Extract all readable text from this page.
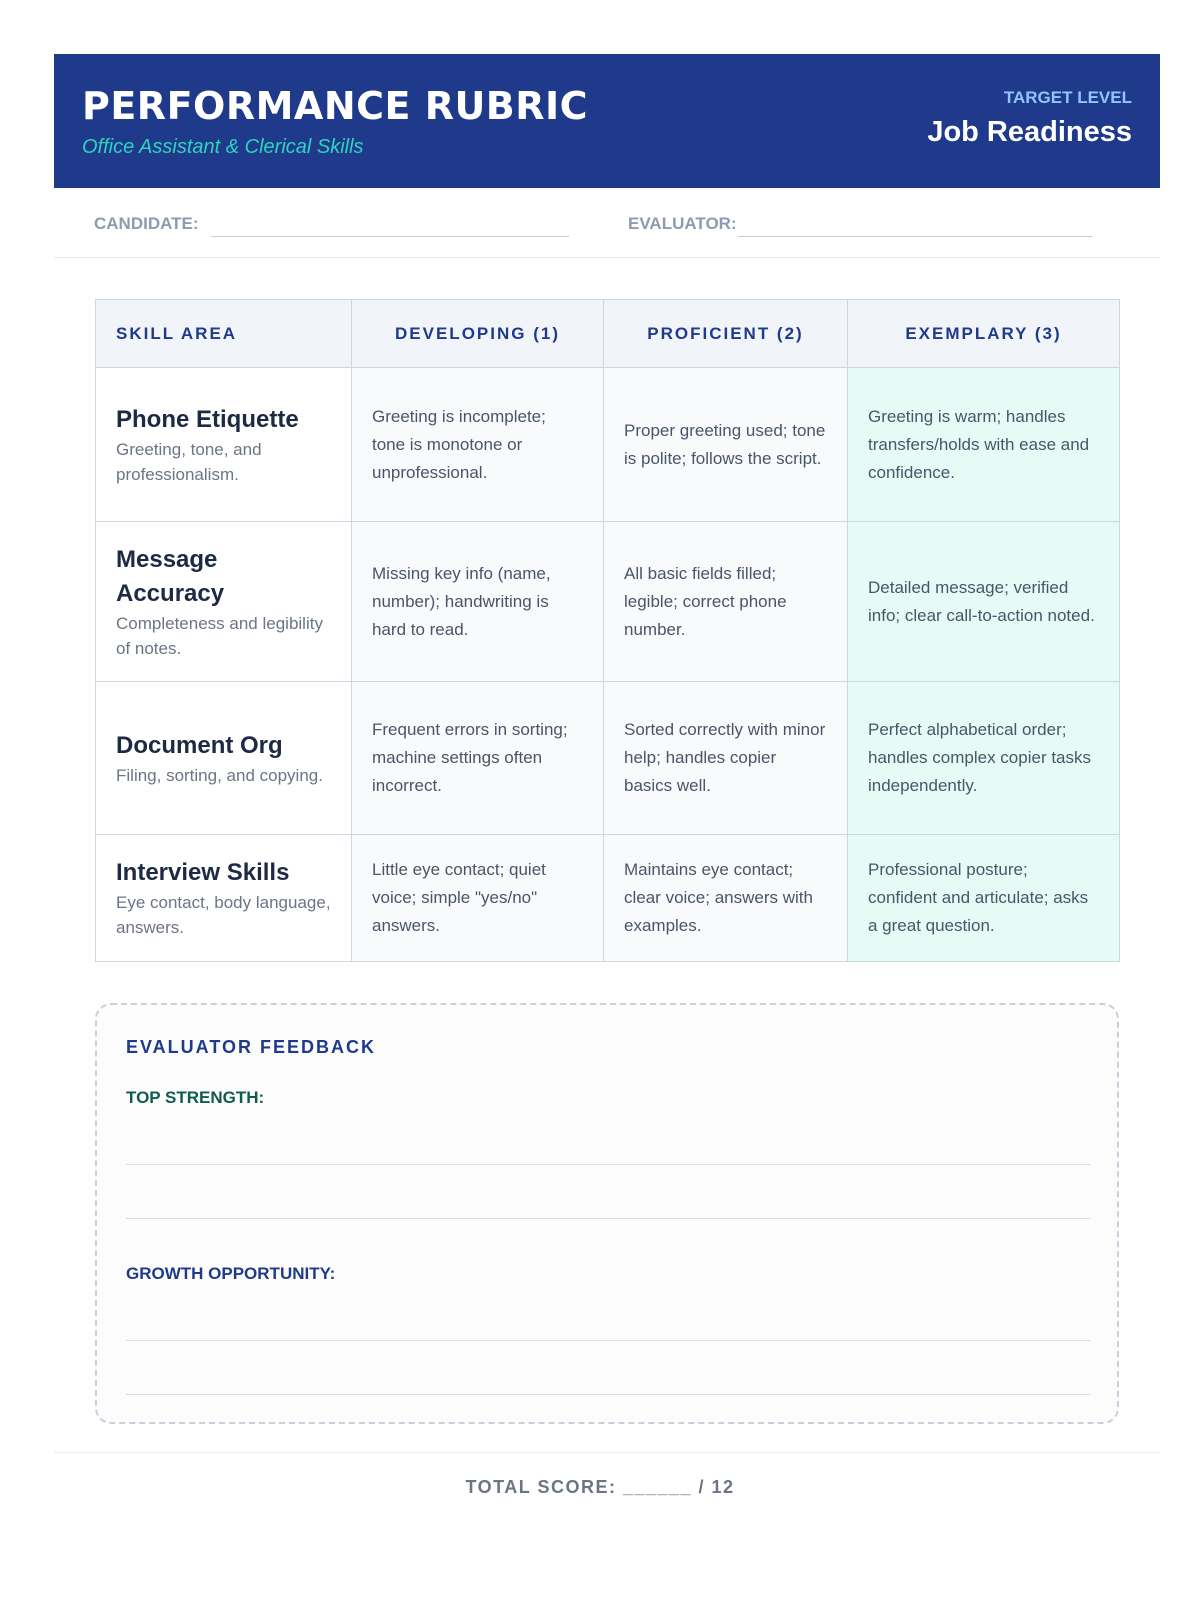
PERFORMANCE RUBRIC
Office Assistant & Clerical Skills
TARGET LEVEL
Job Readiness
CANDIDATE:	EVALUATOR:
SKILL AREA	DEVELOPING (1)	PROFICIENT (2)	EXEMPLARY (3)

Phone Etiquette
Greeting, tone, and professionalism.	Greeting is incomplete; tone is monotone or unprofessional.	Proper greeting used; tone is polite; follows the script.	Greeting is warm; handles transfers/holds with ease and confidence.

Message Accuracy
Completeness and legibility of notes.	Missing key info (name, number); handwriting is hard to read.	All basic fields filled; legible; correct phone number.	Detailed message; verified info; clear call-to-action noted.

Document Org
Filing, sorting, and copying.	Frequent errors in sorting; machine settings often incorrect.	Sorted correctly with minor help; handles copier basics well.	Perfect alphabetical order; handles complex copier tasks independently.

Interview Skills
Eye contact, body language, answers.	Little eye contact; quiet voice; simple "yes/no" answers.	Maintains eye contact; clear voice; answers with examples.	Professional posture; confident and articulate; asks a great question.
EVALUATOR FEEDBACK
TOP STRENGTH:
GROWTH OPPORTUNITY:
TOTAL SCORE: ______ / 12
